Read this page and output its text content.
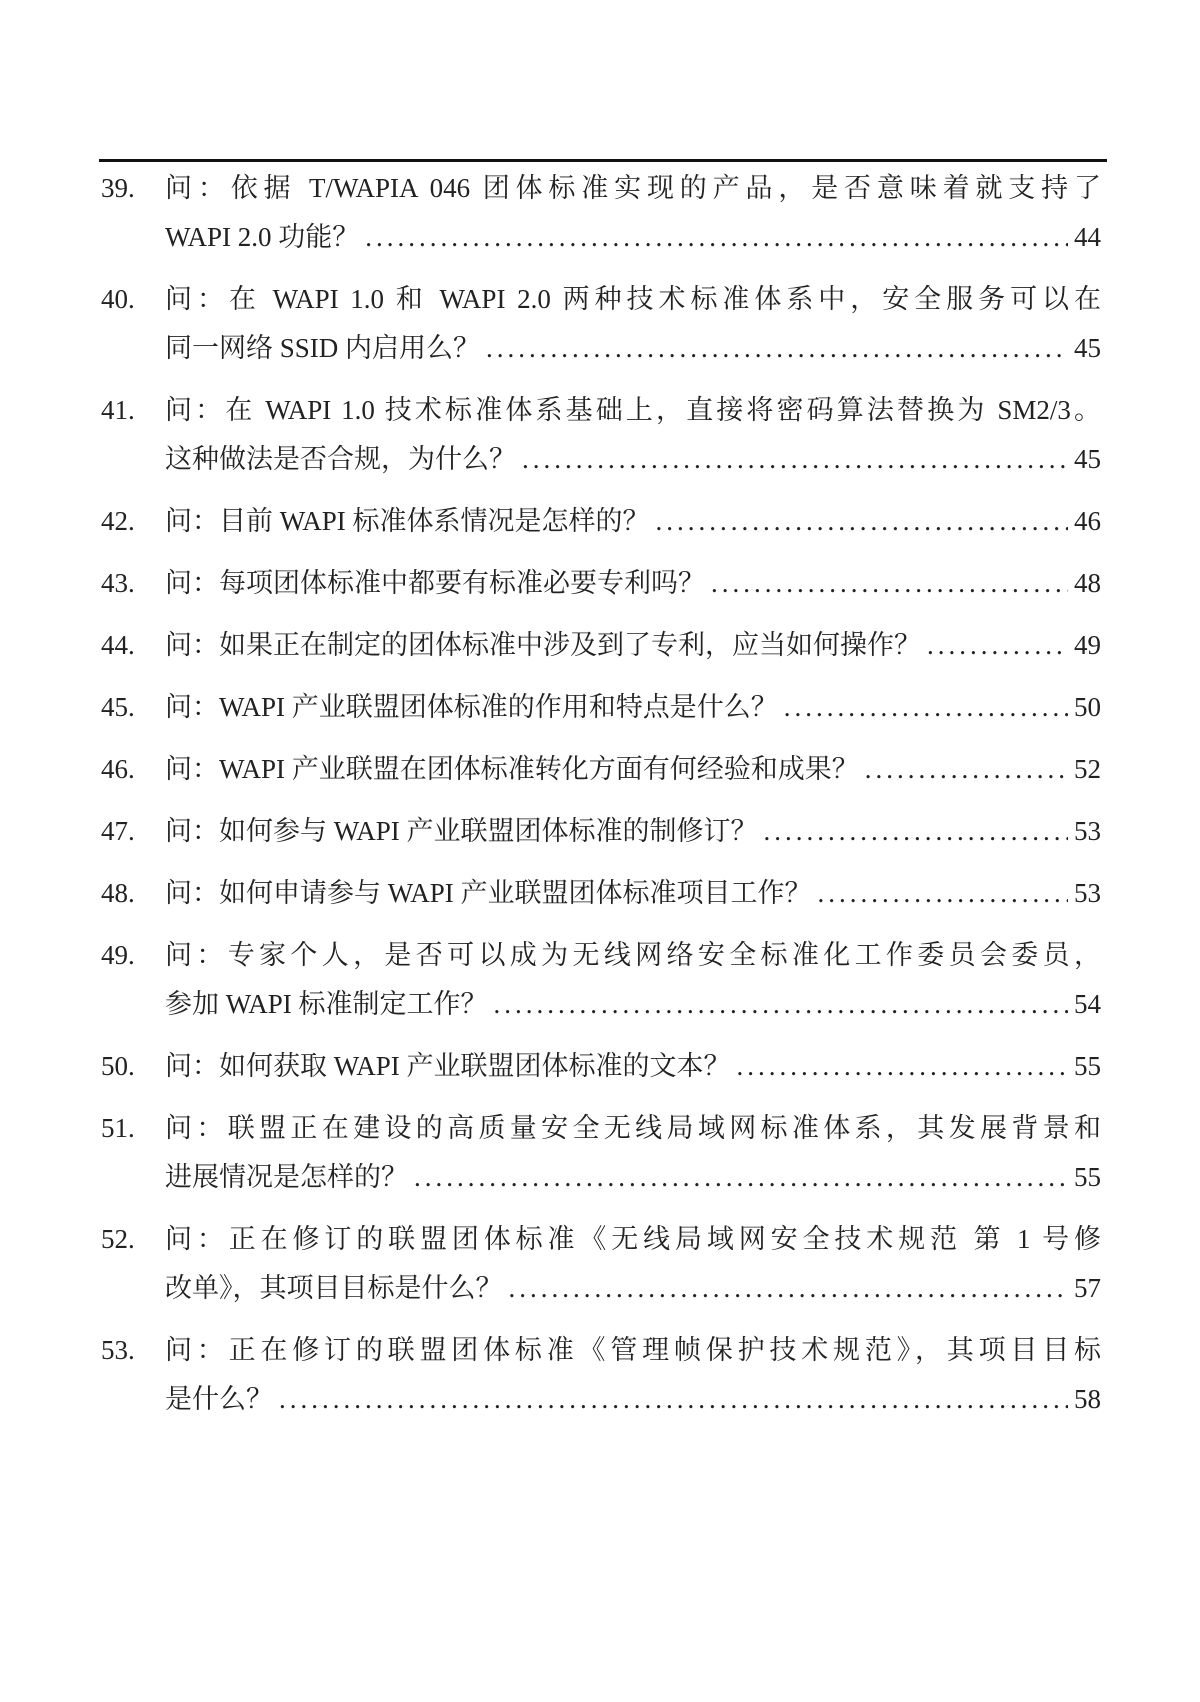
39. 问：依据 T/WAPIA 046 团体标准实现的产品，是否意味着就支持了
WAPI 2.0 功能？ .....	44
40. 问：在 WAPI 1.0 和 WAPI 2.0 两种技术标准体系中，安全服务可以在
同一网络 SSID 内启用么？ .....	45
41. 问：在 WAPI 1.0 技术标准体系基础上，直接将密码算法替换为 SM2/3。
这种做法是否合规，为什么？ .....	45
42. 问：目前 WAPI 标准体系情况是怎样的？ .....	46
43. 问：每项团体标准中都要有标准必要专利吗？ .....	48
44. 问：如果正在制定的团体标准中涉及到了专利，应当如何操作？ .....	49
45. 问：WAPI 产业联盟团体标准的作用和特点是什么？ .....	50
46. 问：WAPI 产业联盟在团体标准转化方面有何经验和成果？ .....	52
47. 问：如何参与 WAPI 产业联盟团体标准的制修订？ .....	53
48. 问：如何申请参与 WAPI 产业联盟团体标准项目工作？ .....	53
49. 问：专家个人，是否可以成为无线网络安全标准化工作委员会委员，
参加 WAPI 标准制定工作？ .....	54
50. 问：如何获取 WAPI 产业联盟团体标准的文本？ .....	55
51. 问：联盟正在建设的高质量安全无线局域网标准体系，其发展背景和
进展情况是怎样的？ .....	55
52. 问：正在修订的联盟团体标准《无线局域网安全技术规范 第 1 号修
改单》，其项目目标是什么？ .....	57
53. 问：正在修订的联盟团体标准《管理帧保护技术规范》，其项目目标
是什么？ .....	58
